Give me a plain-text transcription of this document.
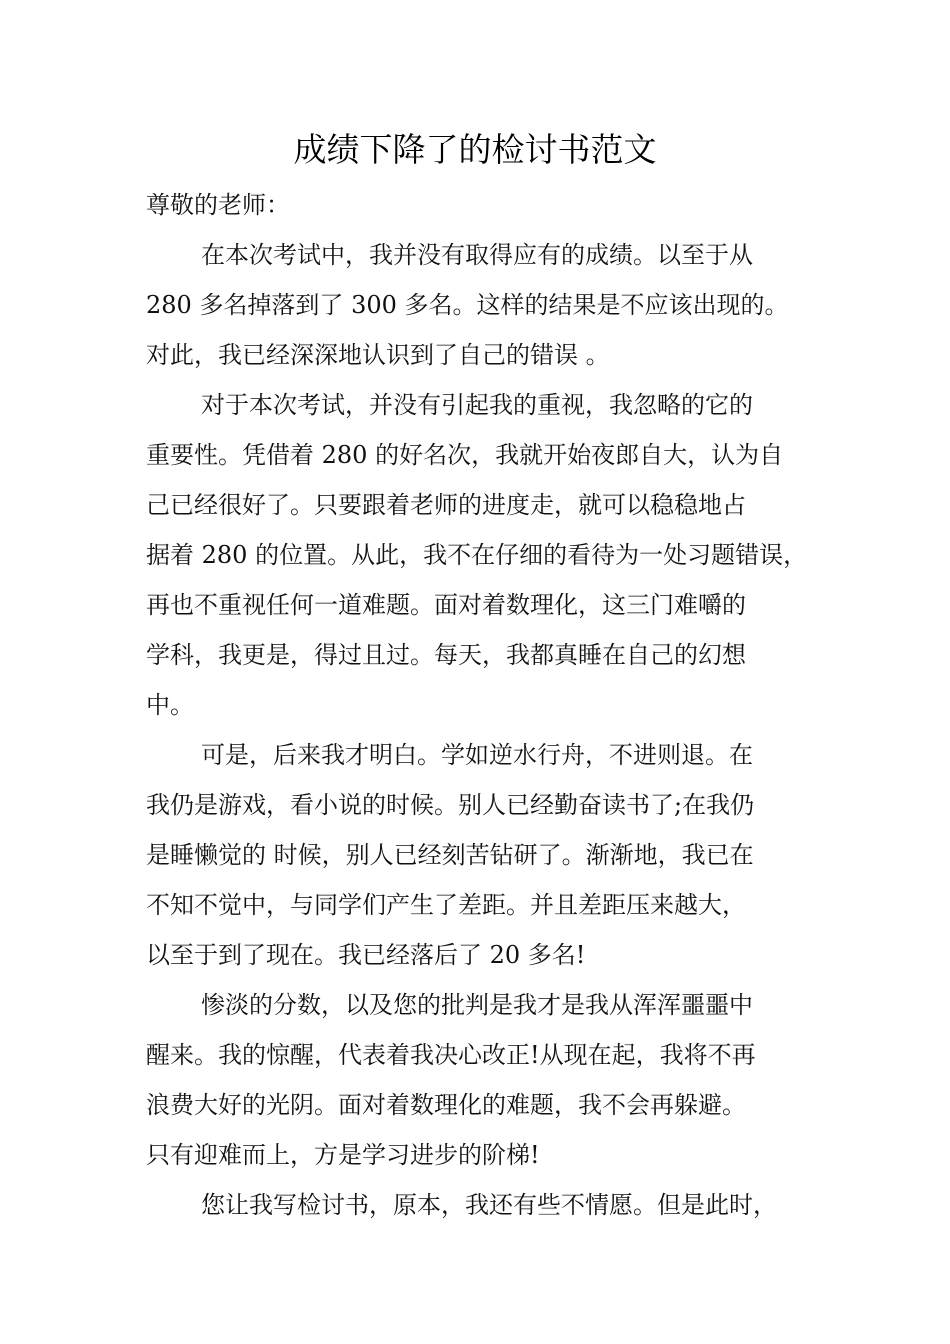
成绩下降了的检讨书范文

尊敬的老师：

在本次考试中，我并没有取得应有的成绩。以至于从
280 多名掉落到了 300 多名。这样的结果是不应该出现的。
对此，我已经深深地认识到了自己的错误 。

对于本次考试，并没有引起我的重视，我忽略的它的
重要性。凭借着 280 的好名次，我就开始夜郎自大，认为自
己已经很好了。只要跟着老师的进度走，就可以稳稳地占
据着 280 的位置。从此，我不在仔细的看待为一处习题错误，
再也不重视任何一道难题。面对着数理化，这三门难嚼的
学科，我更是，得过且过。每天，我都真睡在自己的幻想
中。

可是，后来我才明白。学如逆水行舟，不进则退。在
我仍是游戏，看小说的时候。别人已经勤奋读书了;在我仍
是睡懒觉的 时候，别人已经刻苦钻研了。渐渐地，我已在
不知不觉中，与同学们产生了差距。并且差距压来越大，
以至于到了现在。我已经落后了 20 多名!

惨淡的分数，以及您的批判是我才是我从浑浑噩噩中
醒来。我的惊醒，代表着我决心改正!从现在起，我将不再
浪费大好的光阴。面对着数理化的难题，我不会再躲避。
只有迎难而上，方是学习进步的阶梯!

您让我写检讨书，原本，我还有些不情愿。但是此时，
